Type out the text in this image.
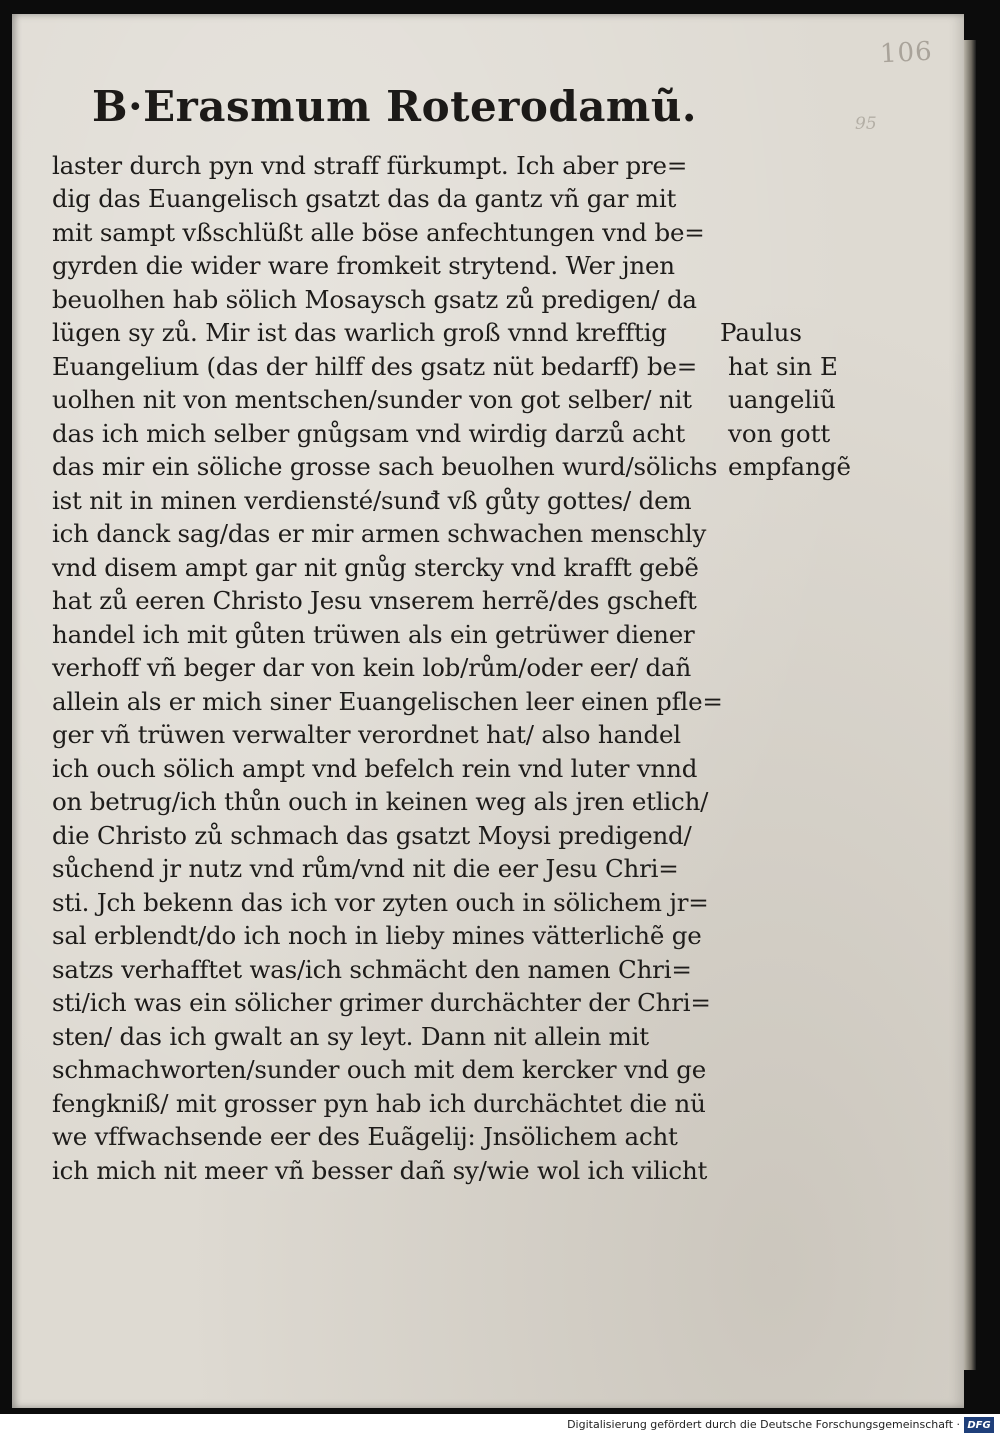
106
95
B·Erasmum Roterodamũ.
laster durch pyn vnd straff fürkumpt. Ich aber pre=
dig das Euangelisch gsatzt das da gantz vñ gar mit
mit sampt vßschlüßt alle böse anfechtungen vnd be=
gyrden die wider ware fromkeit strytend. Wer jnen
beuolhen hab sölich Mosaysch gsatz zů predigen/ da
lügen sy zů. Mir ist das warlich groß vnnd krefftig
Euangelium (das der hilff des gsatz nüt bedarff) be=
uolhen nit von mentschen/sunder von got selber/ nit
das ich mich selber gnůgsam vnd wirdig darzů acht
das mir ein söliche grosse sach beuolhen wurd/sölichs
ist nit in minen verdiensté/sunđ vß gůty gottes/ dem
ich danck sag/das er mir armen schwachen menschly
vnd disem ampt gar nit gnůg stercky vnd krafft gebẽ
hat zů eeren Christo Jesu vnserem herrẽ/des gscheft
handel ich mit gůten trüwen als ein getrüwer diener
verhoff vñ beger dar von kein lob/rům/oder eer/ dañ
allein als er mich siner Euangelischen leer einen pfle=
ger vñ trüwen verwalter verordnet hat/ also handel
ich ouch sölich ampt vnd befelch rein vnd luter vnnd
on betrug/ich thůn ouch in keinen weg als jren etlich/
die Christo zů schmach das gsatzt Moysi predigend/
sůchend jr nutz vnd rům/vnd nit die eer Jesu Chri=
sti. Jch bekenn das ich vor zyten ouch in sölichem jr=
sal erblendt/do ich noch in lieby mines vätterlichẽ ge
satzs verhafftet was/ich schmächt den namen Chri=
sti/ich was ein sölicher grimer durchächter der Chri=
sten/ das ich gwalt an sy leyt. Dann nit allein mit
schmachworten/sunder ouch mit dem kercker vnd ge
fengkniß/ mit grosser pyn hab ich durchächtet die nü
we vffwachsende eer des Euãgelij: Jnsölichem acht
ich mich nit meer vñ besser dañ sy/wie wol ich vilicht
Paulus
hat sin E
uangeliũ
von gott
empfangẽ
Digitalisierung gefördert durch die Deutsche Forschungsgemeinschaft · DFG
